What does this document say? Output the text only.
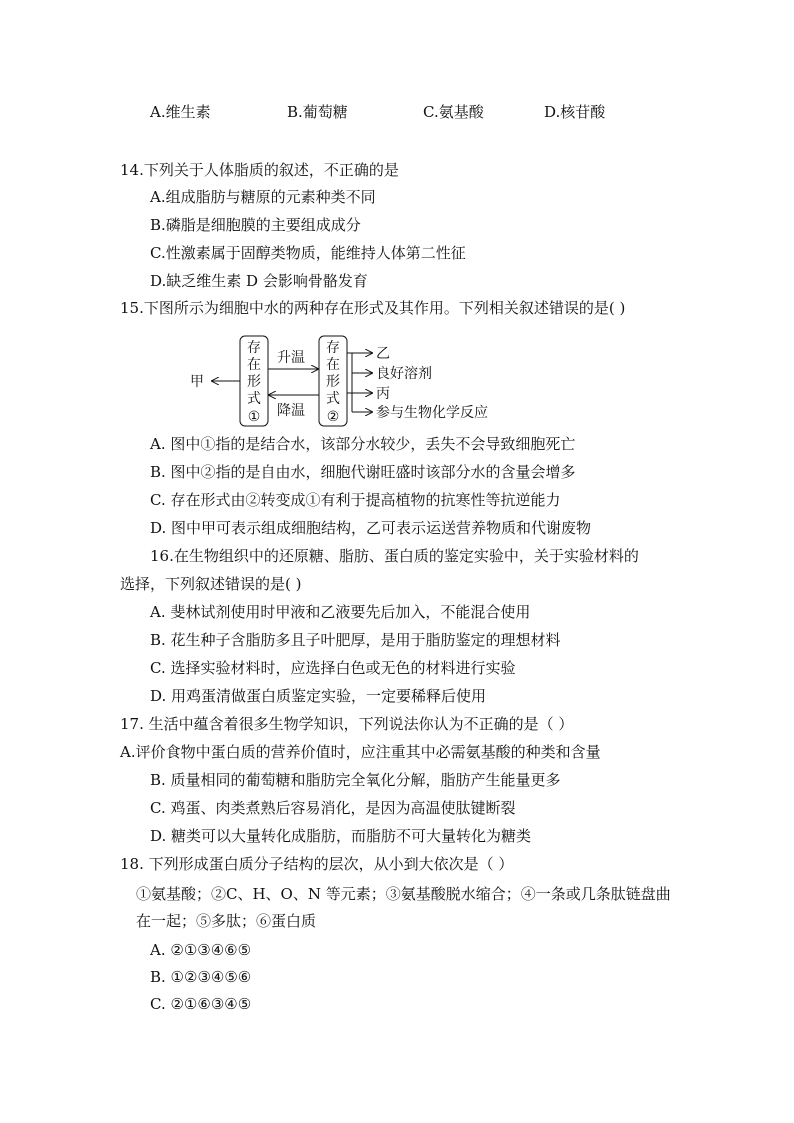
A.维生素	B.葡萄糖	C.氨基酸	D.核苷酸
14.下列关于人体脂质的叙述，不正确的是
A.组成脂肪与糖原的元素种类不同
B.磷脂是细胞膜的主要组成成分
C.性激素属于固醇类物质，能维持人体第二性征
D.缺乏维生素 D 会影响骨骼发育
15.下图所示为细胞中水的两种存在形式及其作用。下列相关叙述错误的是( )
存
在
形
式
①
存
在
形
式
②
甲
升温
降温
乙
良好溶剂
丙
参与生物化学反应
A. 图中①指的是结合水，该部分水较少，丢失不会导致细胞死亡
B. 图中②指的是自由水，细胞代谢旺盛时该部分水的含量会增多
C. 存在形式由②转变成①有利于提高植物的抗寒性等抗逆能力
D. 图中甲可表示组成细胞结构，乙可表示运送营养物质和代谢废物
16.在生物组织中的还原糖、脂肪、蛋白质的鉴定实验中，关于实验材料的
选择，下列叙述错误的是( )
A. 斐林试剂使用时甲液和乙液要先后加入，不能混合使用
B. 花生种子含脂肪多且子叶肥厚，是用于脂肪鉴定的理想材料
C. 选择实验材料时，应选择白色或无色的材料进行实验
D. 用鸡蛋清做蛋白质鉴定实验，一定要稀释后使用
17. 生活中蕴含着很多生物学知识，下列说法你认为不正确的是（ ）
A.评价食物中蛋白质的营养价值时，应注重其中必需氨基酸的种类和含量
B. 质量相同的葡萄糖和脂肪完全氧化分解，脂肪产生能量更多
C. 鸡蛋、肉类煮熟后容易消化，是因为高温使肽键断裂
D. 糖类可以大量转化成脂肪，而脂肪不可大量转化为糖类
18. 下列形成蛋白质分子结构的层次，从小到大依次是（ ）
①氨基酸；②C、H、O、N 等元素；③氨基酸脱水缩合；④一条或几条肽链盘曲
在一起；⑤多肽；⑥蛋白质
A. ②①③④⑥⑤
B. ①②③④⑤⑥
C. ②①⑥③④⑤
